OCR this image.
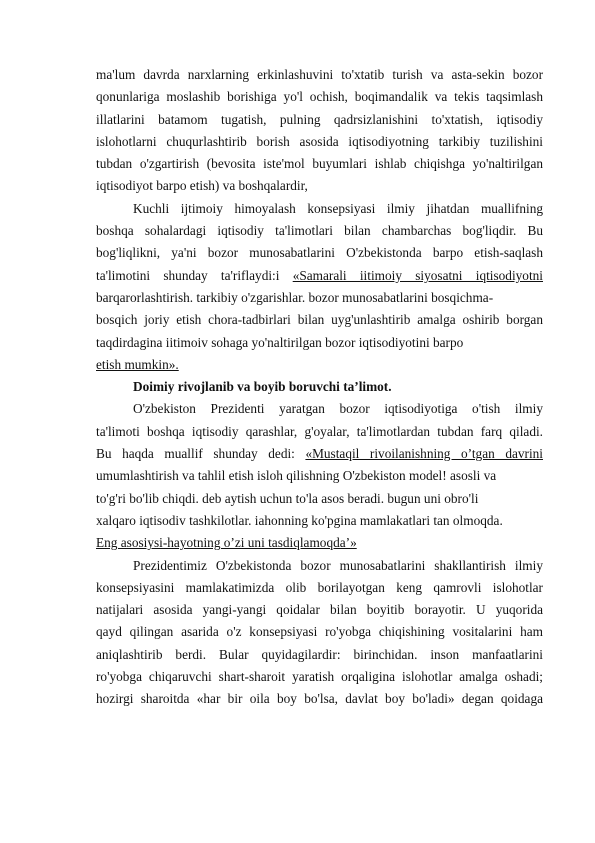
ma'lum davrda narxlarning erkinlashuvini to'xtatib turish va asta-sekin bozor
qonunlariga moslashib borishiga yo'l ochish, boqimandalik va tekis taqsimlash
illatlarini batamom tugatish, pulning qadrsizlanishini to'xtatish, iqtisodiy
islohotlarni chuqurlashtirib borish asosida iqtisodiyotning tarkibiy tuzilishini
tubdan o'zgartirish (bevosita iste'mol buyumlari ishlab chiqishga yo'naltirilgan
iqtisodiyot barpo etish) va boshqalardir,
Kuchli ijtimoiy himoyalash konsepsiyasi ilmiy jihatdan muallifning
boshqa sohalardagi iqtisodiy ta'limotlari bilan chambarchas bog'liqdir. Bu
bog'liqlikni, ya'ni bozor munosabatlarini O'zbekistonda barpo etish-saqlash
ta'limotini shunday ta'riflaydi:i «Samarali iitimoiy siyosatni iqtisodiyotni
barqarorlashtirish. tarkibiy o'zgarishlar. bozor munosabatlarini bosqichma-
bosqich joriy etish chora-tadbirlari bilan uyg'unlashtirib amalga oshirib borgan
taqdirdagina iitimoiv sohaga yo'naltirilgan bozor iqtisodiyotini barpo
etish mumkin».
Doimiy rivojlanib va boyib boruvchi ta’limot.
O'zbekiston Prezidenti yaratgan bozor iqtisodiyotiga o'tish ilmiy
ta'limoti boshqa iqtisodiy qarashlar, g'oyalar, ta'limotlardan tubdan farq qiladi.
Bu haqda muallif shunday dedi: «Mustaqil rivoilanishning o’tgan davrini
umumlashtirish va tahlil etish isloh qilishning O'zbekiston model! asosli va
to'g'ri bo'lib chiqdi. deb aytish uchun to'la asos beradi. bugun uni obro'li
xalqaro iqtisodiv tashkilotlar. iahonning ko'pgina mamlakatlari tan olmoqda.
Eng asosiysi-hayotning o’zi uni tasdiqlamoqda’»
Prezidentimiz O'zbekistonda bozor munosabatlarini shakllantirish ilmiy
konsepsiyasini mamlakatimizda olib borilayotgan keng qamrovli islohotlar
natijalari asosida yangi-yangi qoidalar bilan boyitib borayotir. U yuqorida
qayd qilingan asarida o'z konsepsiyasi ro'yobga chiqishining vositalarini ham
aniqlashtirib berdi. Bular quyidagilardir: birinchidan. inson manfaatlarini
ro'yobga chiqaruvchi shart-sharoit yaratish orqaligina islohotlar amalga oshadi;
hozirgi sharoitda «har bir oila boy bo'lsa, davlat boy bo'ladi» degan qoidaga
